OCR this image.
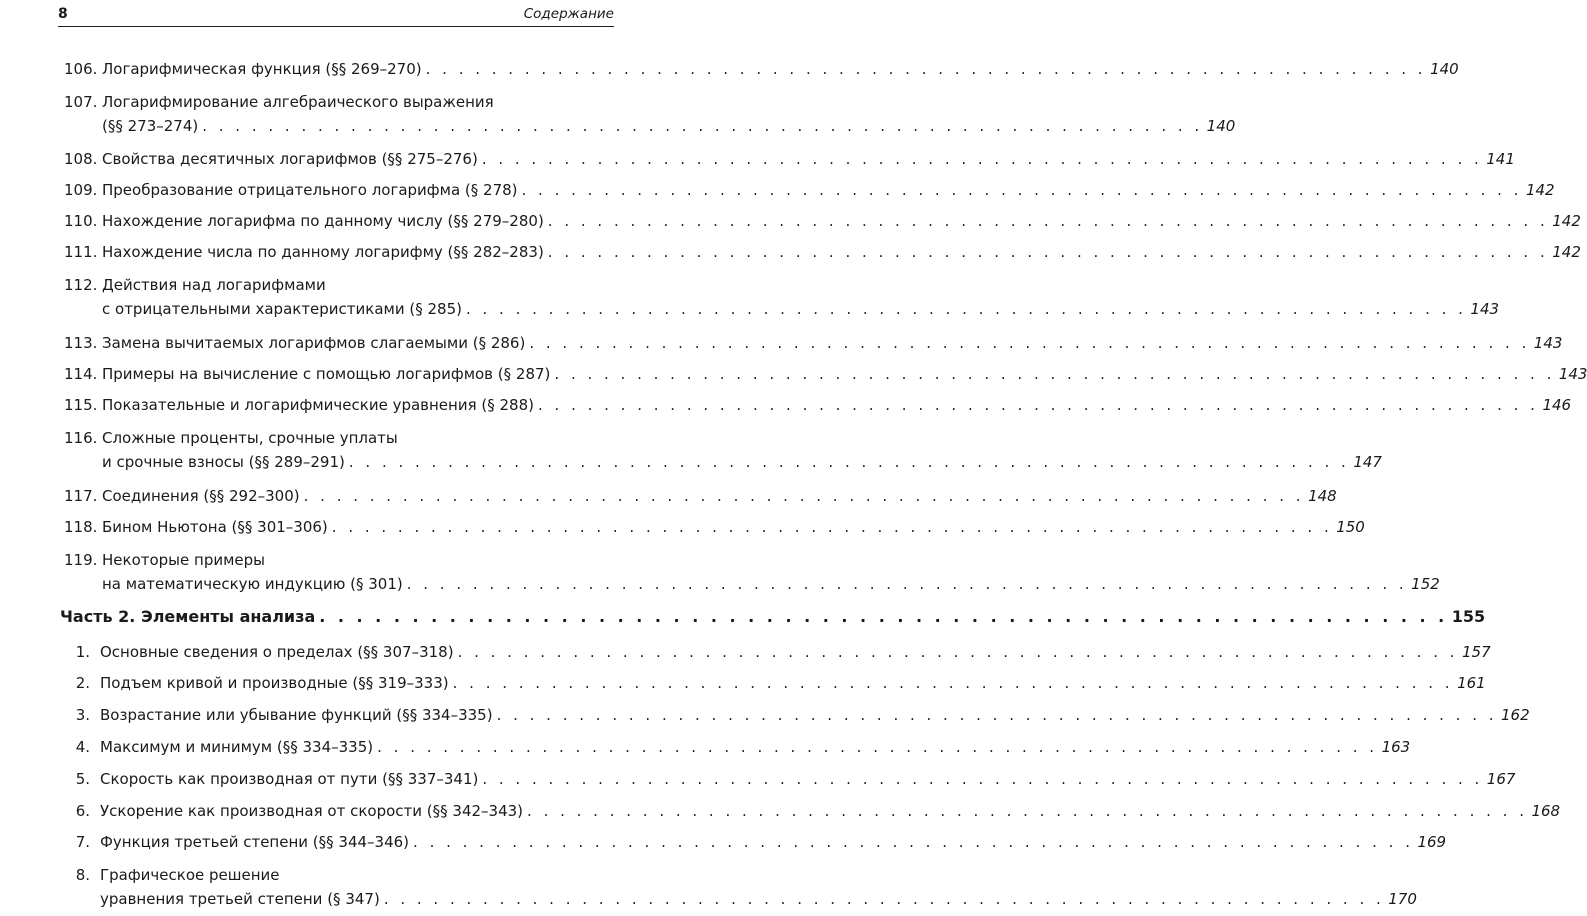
8	Содержание
106. Логарифмическая функция (§§ 269–270) . . . . . . . . . . . . . . . . . . . . . . . . . . . . . . . . . . . . . . . . . . . . . . . . . . . . . . . . . . . . . 140
107. Логарифмирование алгебраического выражения
(§§ 273–274) . . . . . . . . . . . . . . . . . . . . . . . . . . . . . . . . . . . . . . . . . . . . . . . . . . . . . . . . . . . . . 140
108. Свойства десятичных логарифмов (§§ 275–276) . . . . . . . . . . . . . . . . . . . . . . . . . . . . . . . . . . . . . . . . . . . . . . . . . . . . . . . . . . . . . 141
109. Преобразование отрицательного логарифма (§ 278) . . . . . . . . . . . . . . . . . . . . . . . . . . . . . . . . . . . . . . . . . . . . . . . . . . . . . . . . . . . . . 142
110. Нахождение логарифма по данному числу (§§ 279–280) . . . . . . . . . . . . . . . . . . . . . . . . . . . . . . . . . . . . . . . . . . . . . . . . . . . . . . . . . . . . . 142
111. Нахождение числа по данному логарифму (§§ 282–283) . . . . . . . . . . . . . . . . . . . . . . . . . . . . . . . . . . . . . . . . . . . . . . . . . . . . . . . . . . . . . 142
112. Действия над логарифмами
с отрицательными характеристиками (§ 285) . . . . . . . . . . . . . . . . . . . . . . . . . . . . . . . . . . . . . . . . . . . . . . . . . . . . . . . . . . . . . 143
113. Замена вычитаемых логарифмов слагаемыми (§ 286) . . . . . . . . . . . . . . . . . . . . . . . . . . . . . . . . . . . . . . . . . . . . . . . . . . . . . . . . . . . . . 143
114. Примеры на вычисление с помощью логарифмов (§ 287) . . . . . . . . . . . . . . . . . . . . . . . . . . . . . . . . . . . . . . . . . . . . . . . . . . . . . . . . . . . . . 143
115. Показательные и логарифмические уравнения (§ 288) . . . . . . . . . . . . . . . . . . . . . . . . . . . . . . . . . . . . . . . . . . . . . . . . . . . . . . . . . . . . . 146
116. Сложные проценты, срочные уплаты
и срочные взносы (§§ 289–291) . . . . . . . . . . . . . . . . . . . . . . . . . . . . . . . . . . . . . . . . . . . . . . . . . . . . . . . . . . . . . 147
117. Соединения (§§ 292–300) . . . . . . . . . . . . . . . . . . . . . . . . . . . . . . . . . . . . . . . . . . . . . . . . . . . . . . . . . . . . . 148
118. Бином Ньютона (§§ 301–306) . . . . . . . . . . . . . . . . . . . . . . . . . . . . . . . . . . . . . . . . . . . . . . . . . . . . . . . . . . . . . 150
119. Некоторые примеры
на математическую индукцию (§ 301) . . . . . . . . . . . . . . . . . . . . . . . . . . . . . . . . . . . . . . . . . . . . . . . . . . . . . . . . . . . . . 152
Часть 2. Элементы анализа . . . . . . . . . . . . . . . . . . . . . . . . . . . . . . . . . . . . . . . . . . . . . . . . . . . . . . . . . . . . . 155
1. Основные сведения о пределах (§§ 307–318) . . . . . . . . . . . . . . . . . . . . . . . . . . . . . . . . . . . . . . . . . . . . . . . . . . . . . . . . . . . . . 157
2. Подъем кривой и производные (§§ 319–333) . . . . . . . . . . . . . . . . . . . . . . . . . . . . . . . . . . . . . . . . . . . . . . . . . . . . . . . . . . . . . 161
3. Возрастание или убывание функций (§§ 334–335) . . . . . . . . . . . . . . . . . . . . . . . . . . . . . . . . . . . . . . . . . . . . . . . . . . . . . . . . . . . . . 162
4. Максимум и минимум (§§ 334–335) . . . . . . . . . . . . . . . . . . . . . . . . . . . . . . . . . . . . . . . . . . . . . . . . . . . . . . . . . . . . . 163
5. Скорость как производная от пути (§§ 337–341) . . . . . . . . . . . . . . . . . . . . . . . . . . . . . . . . . . . . . . . . . . . . . . . . . . . . . . . . . . . . . 167
6. Ускорение как производная от скорости (§§ 342–343) . . . . . . . . . . . . . . . . . . . . . . . . . . . . . . . . . . . . . . . . . . . . . . . . . . . . . . . . . . . . . 168
7. Функция третьей степени (§§ 344–346) . . . . . . . . . . . . . . . . . . . . . . . . . . . . . . . . . . . . . . . . . . . . . . . . . . . . . . . . . . . . . 169
8. Графическое решение
уравнения третьей степени (§ 347) . . . . . . . . . . . . . . . . . . . . . . . . . . . . . . . . . . . . . . . . . . . . . . . . . . . . . . . . . . . . . 170
